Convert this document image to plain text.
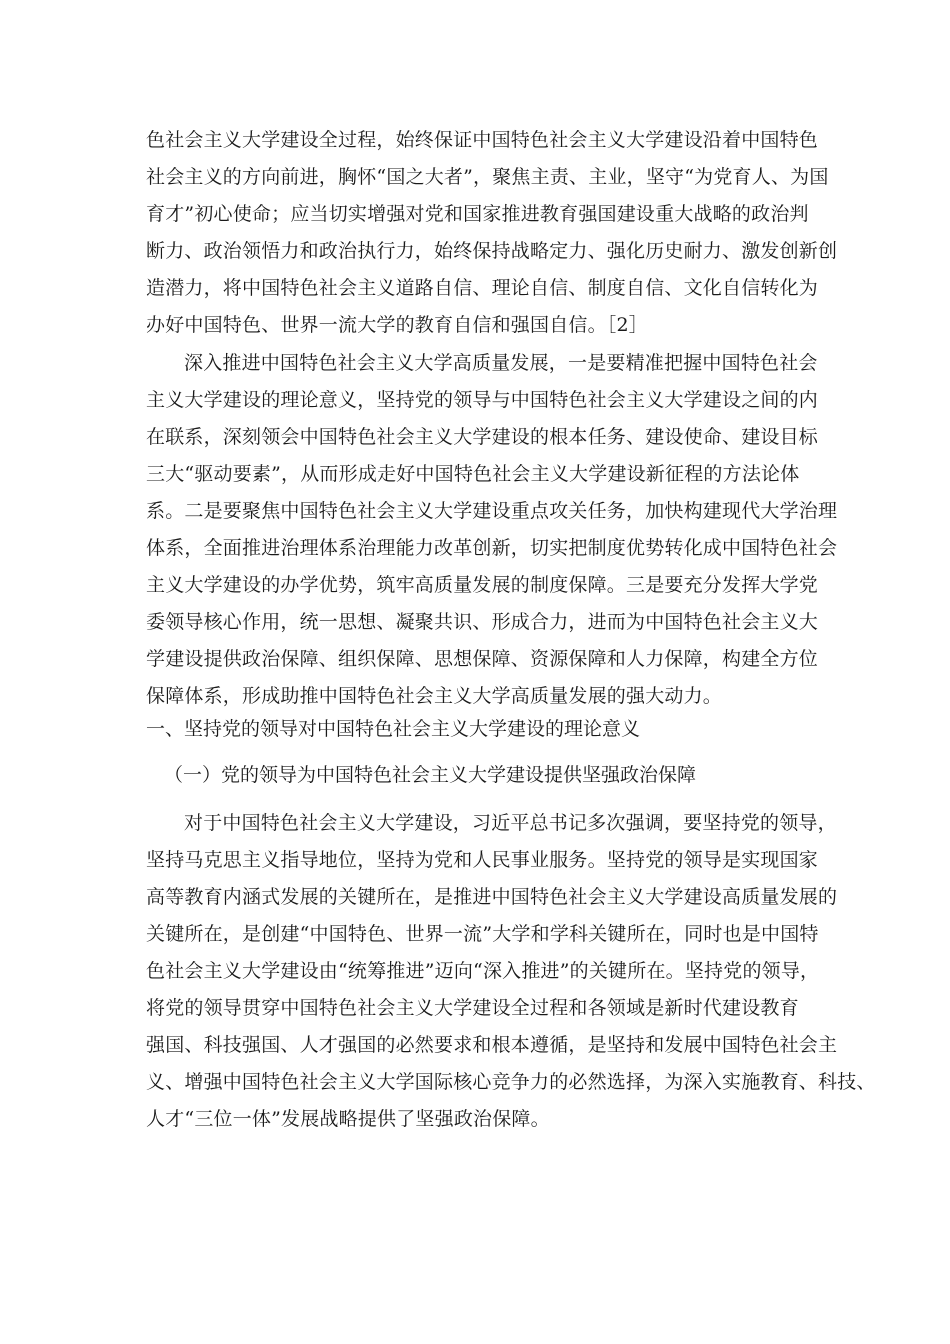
色社会主义大学建设全过程，始终保证中国特色社会主义大学建设沿着中国特色
社会主义的方向前进，胸怀“国之大者”，聚焦主责、主业，坚守“为党育人、为国
育才”初心使命；应当切实增强对党和国家推进教育强国建设重大战略的政治判
断力、政治领悟力和政治执行力，始终保持战略定力、强化历史耐力、激发创新创
造潜力，将中国特色社会主义道路自信、理论自信、制度自信、文化自信转化为
办好中国特色、世界一流大学的教育自信和强国自信。［2］
深入推进中国特色社会主义大学高质量发展，一是要精准把握中国特色社会
主义大学建设的理论意义，坚持党的领导与中国特色社会主义大学建设之间的内
在联系，深刻领会中国特色社会主义大学建设的根本任务、建设使命、建设目标
三大“驱动要素”，从而形成走好中国特色社会主义大学建设新征程的方法论体
系。二是要聚焦中国特色社会主义大学建设重点攻关任务，加快构建现代大学治理
体系，全面推进治理体系治理能力改革创新，切实把制度优势转化成中国特色社会
主义大学建设的办学优势，筑牢高质量发展的制度保障。三是要充分发挥大学党
委领导核心作用，统一思想、凝聚共识、形成合力，进而为中国特色社会主义大
学建设提供政治保障、组织保障、思想保障、资源保障和人力保障，构建全方位
保障体系，形成助推中国特色社会主义大学高质量发展的强大动力。
一、坚持党的领导对中国特色社会主义大学建设的理论意义
（一）党的领导为中国特色社会主义大学建设提供坚强政治保障
对于中国特色社会主义大学建设，习近平总书记多次强调，要坚持党的领导，
坚持马克思主义指导地位，坚持为党和人民事业服务。坚持党的领导是实现国家
高等教育内涵式发展的关键所在，是推进中国特色社会主义大学建设高质量发展的
关键所在，是创建“中国特色、世界一流”大学和学科关键所在，同时也是中国特
色社会主义大学建设由“统筹推进”迈向“深入推进”的关键所在。坚持党的领导，
将党的领导贯穿中国特色社会主义大学建设全过程和各领域是新时代建设教育
强国、科技强国、人才强国的必然要求和根本遵循，是坚持和发展中国特色社会主
义、增强中国特色社会主义大学国际核心竞争力的必然选择，为深入实施教育、科技、
人才“三位一体”发展战略提供了坚强政治保障。
